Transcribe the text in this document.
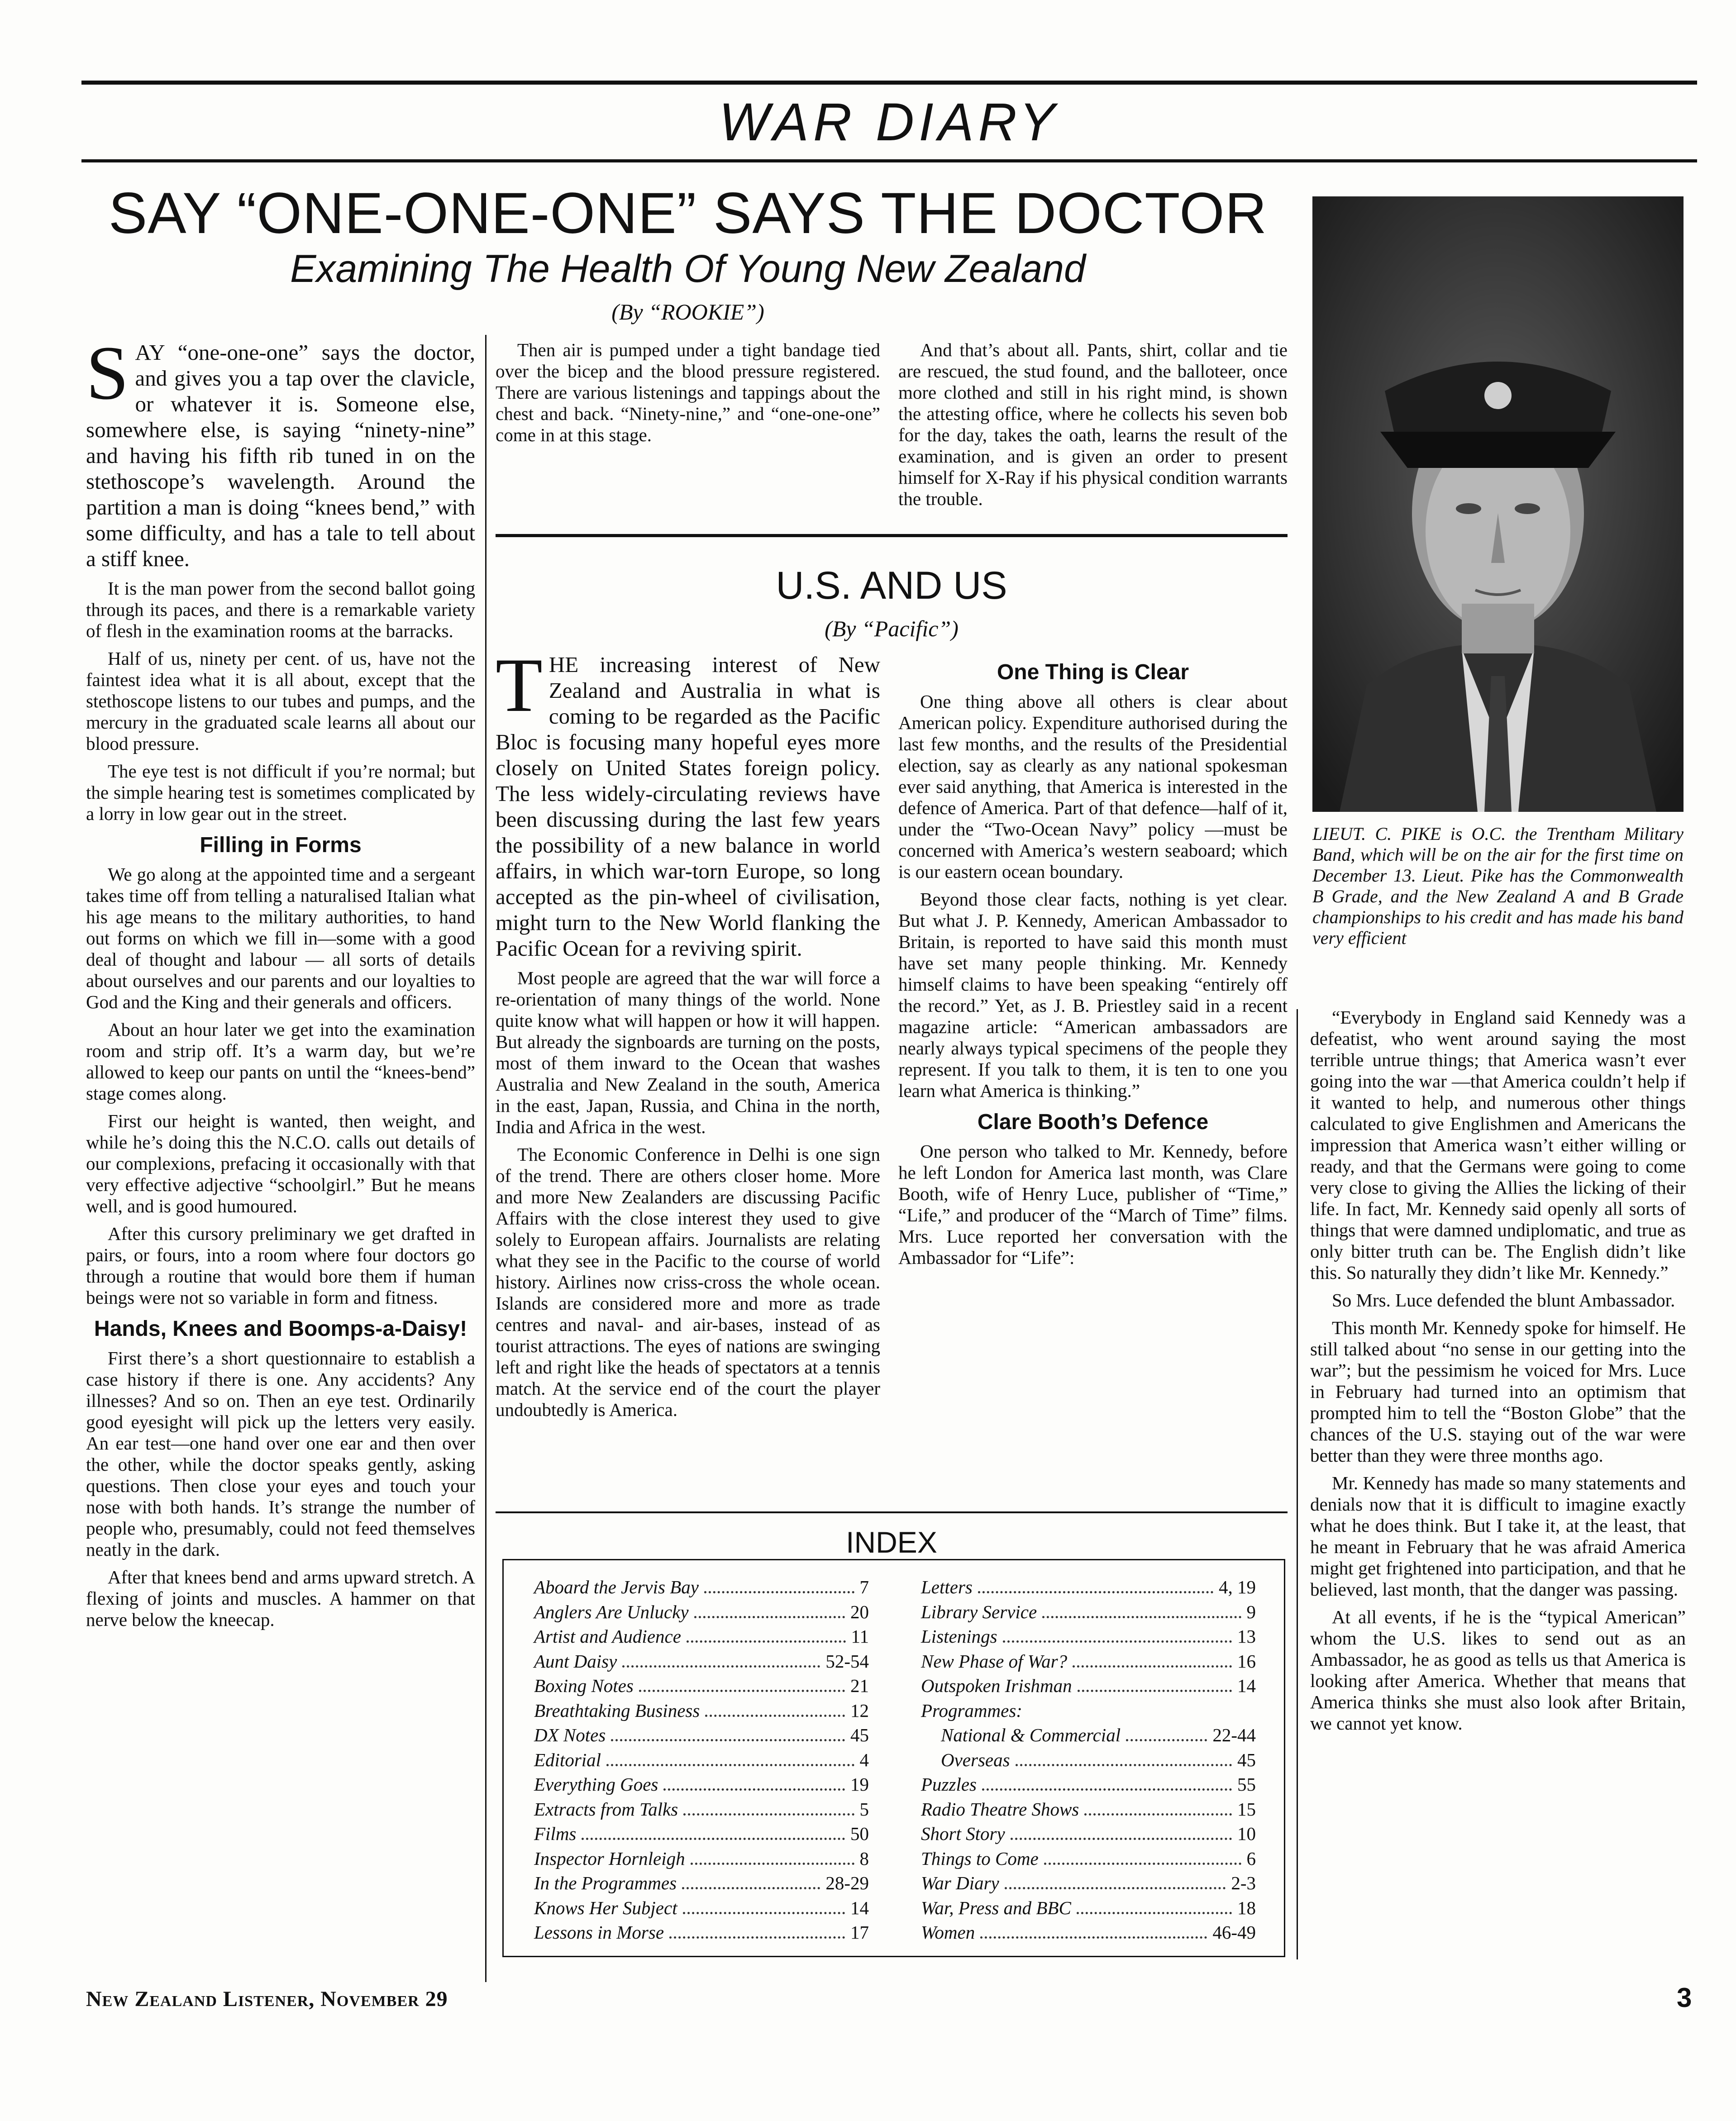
WAR DIARY
SAY “ONE-ONE-ONE” SAYS THE DOCTOR
Examining The Health Of Young New Zealand
(By “ROOKIE”)

SAY “one-one-one” says the doctor, and gives you a tap over the clavicle, or whatever it is. Someone else, somewhere else, is saying “ninety-nine” and having his fifth rib tuned in on the stethoscope’s wavelength. Around the partition a man is doing “knees bend,” with some difficulty, and has a tale to tell about a stiff knee.

It is the man power from the second ballot going through its paces, and there is a remarkable variety of flesh in the examination rooms at the barracks.

Half of us, ninety per cent. of us, have not the faintest idea what it is all about, except that the stethoscope listens to our tubes and pumps, and the mercury in the graduated scale learns all about our blood pressure.

The eye test is not difficult if you’re normal; but the simple hearing test is sometimes complicated by a lorry in low gear out in the street.

Filling in Forms

We go along at the appointed time and a sergeant takes time off from telling a naturalised Italian what his age means to the military authorities, to hand out forms on which we fill in—some with a good deal of thought and labour — all sorts of details about ourselves and our parents and our loyalties to God and the King and their generals and officers.

About an hour later we get into the examination room and strip off. It’s a warm day, but we’re allowed to keep our pants on until the “knees-bend” stage comes along.

First our height is wanted, then weight, and while he’s doing this the N.C.O. calls out details of our complexions, prefacing it occasionally with that very effective adjective “schoolgirl.” But he means well, and is good humoured.

After this cursory preliminary we get drafted in pairs, or fours, into a room where four doctors go through a routine that would bore them if human beings were not so variable in form and fitness.

Hands, Knees and Boomps-a-Daisy!

First there’s a short questionnaire to establish a case history if there is one. Any accidents? Any illnesses? And so on. Then an eye test. Ordinarily good eyesight will pick up the letters very easily. An ear test—one hand over one ear and then over the other, while the doctor speaks gently, asking questions. Then close your eyes and touch your nose with both hands. It’s strange the number of people who, presumably, could not feed themselves neatly in the dark.

After that knees bend and arms upward stretch. A flexing of joints and muscles. A hammer on that nerve below the kneecap.

Then air is pumped under a tight bandage tied over the bicep and the blood pressure registered. There are various listenings and tappings about the chest and back. “Ninety-nine,” and “one-one-one” come in at this stage.

And that’s about all. Pants, shirt, collar and tie are rescued, the stud found, and the balloteer, once more clothed and still in his right mind, is shown the attesting office, where he collects his seven bob for the day, takes the oath, learns the result of the examination, and is given an order to present himself for X-Ray if his physical condition warrants the trouble.

U.S. AND US
(By “Pacific”)

THE increasing interest of New Zealand and Australia in what is coming to be regarded as the Pacific Bloc is focusing many hopeful eyes more closely on United States foreign policy. The less widely-circulating reviews have been discussing during the last few years the possibility of a new balance in world affairs, in which war-torn Europe, so long accepted as the pin-wheel of civilisation, might turn to the New World flanking the Pacific Ocean for a reviving spirit.

Most people are agreed that the war will force a re-orientation of many things of the world. None quite know what will happen or how it will happen. But already the signboards are turning on the posts, most of them inward to the Ocean that washes Australia and New Zealand in the south, America in the east, Japan, Russia, and China in the north, India and Africa in the west.

The Economic Conference in Delhi is one sign of the trend. There are others closer home. More and more New Zealanders are discussing Pacific Affairs with the close interest they used to give solely to European affairs. Journalists are relating what they see in the Pacific to the course of world history. Airlines now criss-cross the whole ocean. Islands are considered more and more as trade centres and naval- and air-bases, instead of as tourist attractions. The eyes of nations are swinging left and right like the heads of spectators at a tennis match. At the service end of the court the player undoubtedly is America.

One Thing is Clear

One thing above all others is clear about American policy. Expenditure authorised during the last few months, and the results of the Presidential election, say as clearly as any national spokesman ever said anything, that America is interested in the defence of America. Part of that defence—half of it, under the “Two-Ocean Navy” policy —must be concerned with America’s western seaboard; which is our eastern ocean boundary.

Beyond those clear facts, nothing is yet clear. But what J. P. Kennedy, American Ambassador to Britain, is reported to have said this month must have set many people thinking. Mr. Kennedy himself claims to have been speaking “entirely off the record.” Yet, as J. B. Priestley said in a recent magazine article: “American ambassadors are nearly always typical specimens of the people they represent. If you talk to them, it is ten to one you learn what America is thinking.”

Clare Booth’s Defence

One person who talked to Mr. Kennedy, before he left London for America last month, was Clare Booth, wife of Henry Luce, publisher of “Time,” “Life,” and producer of the “March of Time” films. Mrs. Luce reported her conversation with the Ambassador for “Life”:

LIEUT. C. PIKE is O.C. the Trentham Military Band, which will be on the air for the first time on December 13. Lieut. Pike has the Commonwealth B Grade, and the New Zealand A and B Grade championships to his credit and has made his band very efficient

“Everybody in England said Kennedy was a defeatist, who went around saying the most terrible untrue things; that America wasn’t ever going into the war —that America couldn’t help if it wanted to help, and numerous other things calculated to give Englishmen and Americans the impression that America wasn’t either willing or ready, and that the Germans were going to come very close to giving the Allies the licking of their life. In fact, Mr. Kennedy said openly all sorts of things that were damned undiplomatic, and true as only bitter truth can be. The English didn’t like this. So naturally they didn’t like Mr. Kennedy.”

So Mrs. Luce defended the blunt Ambassador.

This month Mr. Kennedy spoke for himself. He still talked about “no sense in our getting into the war”; but the pessimism he voiced for Mrs. Luce in February had turned into an optimism that prompted him to tell the “Boston Globe” that the chances of the U.S. staying out of the war were better than they were three months ago.

Mr. Kennedy has made so many statements and denials now that it is difficult to imagine exactly what he does think. But I take it, at the least, that he meant in February that he was afraid America might get frightened into participation, and that he believed, last month, that the danger was passing.

At all events, if he is the “typical American” whom the U.S. likes to send out as an Ambassador, he as good as tells us that America is looking after America. Whether that means that America thinks she must also look after Britain, we cannot yet know.

INDEX
Aboard the Jervis Bay	7
Anglers Are Unlucky	20
Artist and Audience	11
Aunt Daisy	52-54
Boxing Notes	21
Breathtaking Business	12
DX Notes	45
Editorial	4
Everything Goes	19
Extracts from Talks	5
Films	50
Inspector Hornleigh	8
In the Programmes	28-29
Knows Her Subject	14
Lessons in Morse	17
Letters	4, 19
Library Service	9
Listenings	13
New Phase of War?	16
Outspoken Irishman	14
Programmes:
National & Commercial	22-44
Overseas	45
Puzzles	55
Radio Theatre Shows	15
Short Story	10
Things to Come	6
War Diary	2-3
War, Press and BBC	18
Women	46-49
New Zealand Listener, November 29	3
